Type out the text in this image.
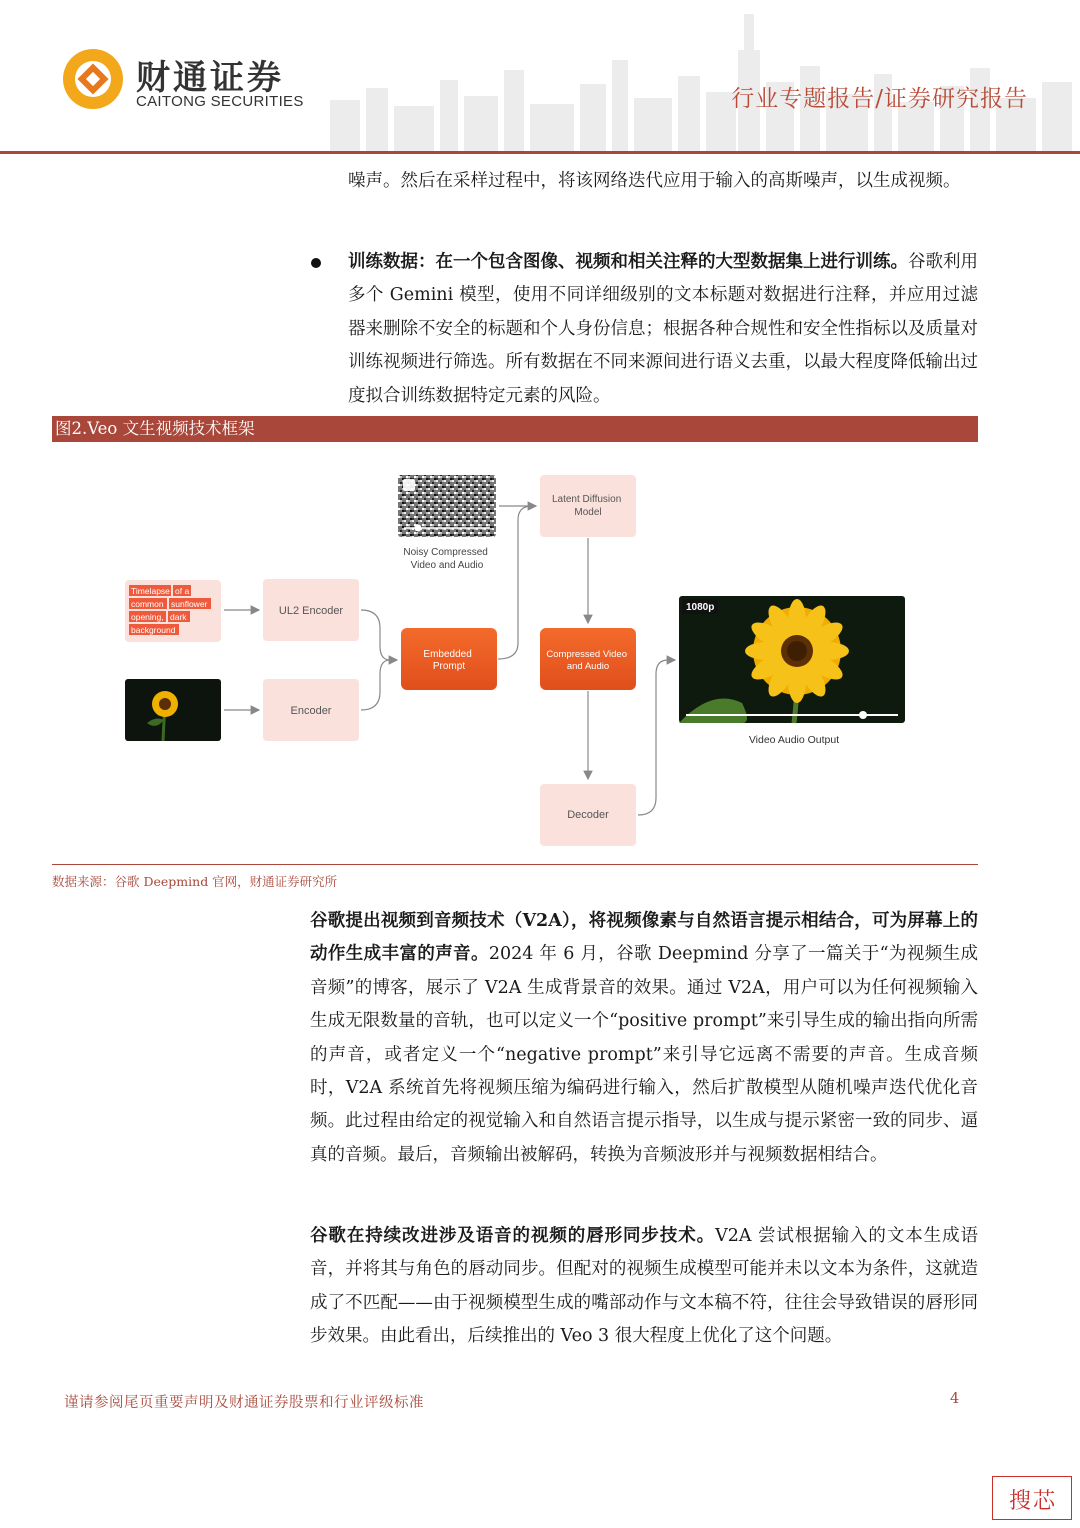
财通证券
CAITONG SECURITIES	行业专题报告/证券研究报告
噪声。然后在采样过程中，将该网络迭代应用于输入的高斯噪声，以生成视频。
训练数据：在一个包含图像、视频和相关注释的大型数据集上进行训练。谷歌利用多个 Gemini 模型，使用不同详细级别的文本标题对数据进行注释，并应用过滤器来删除不安全的标题和个人身份信息；根据各种合规性和安全性指标以及质量对训练视频进行筛选。所有数据在不同来源间进行语义去重，以最大程度降低输出过度拟合训练数据特定元素的风险。
图2.Veo 文生视频技术框架
Timelapse of a
common sunflower
opening, dark
background
UL2 Encoder
Encoder
Embedded Prompt
Noisy Compressed Video and Audio
Latent Diffusion Model
Compressed Video and Audio
Decoder
1080p
Video Audio Output
数据来源：谷歌 Deepmind 官网，财通证券研究所
谷歌提出视频到音频技术（V2A），将视频像素与自然语言提示相结合，可为屏幕上的动作生成丰富的声音。2024 年 6 月，谷歌 Deepmind 分享了一篇关于“为视频生成音频”的博客，展示了 V2A 生成背景音的效果。通过 V2A，用户可以为任何视频输入生成无限数量的音轨，也可以定义一个“positive prompt”来引导生成的输出指向所需的声音，或者定义一个“negative prompt”来引导它远离不需要的声音。生成音频时，V2A 系统首先将视频压缩为编码进行输入，然后扩散模型从随机噪声迭代优化音频。此过程由给定的视觉输入和自然语言提示指导，以生成与提示紧密一致的同步、逼真的音频。最后，音频输出被解码，转换为音频波形并与视频数据相结合。
谷歌在持续改进涉及语音的视频的唇形同步技术。V2A 尝试根据输入的文本生成语音，并将其与角色的唇动同步。但配对的视频生成模型可能并未以文本为条件，这就造成了不匹配——由于视频模型生成的嘴部动作与文本稿不符，往往会导致错误的唇形同步效果。由此看出，后续推出的 Veo 3 很大程度上优化了这个问题。
谨请参阅尾页重要声明及财通证券股票和行业评级标准	4
搜芯
